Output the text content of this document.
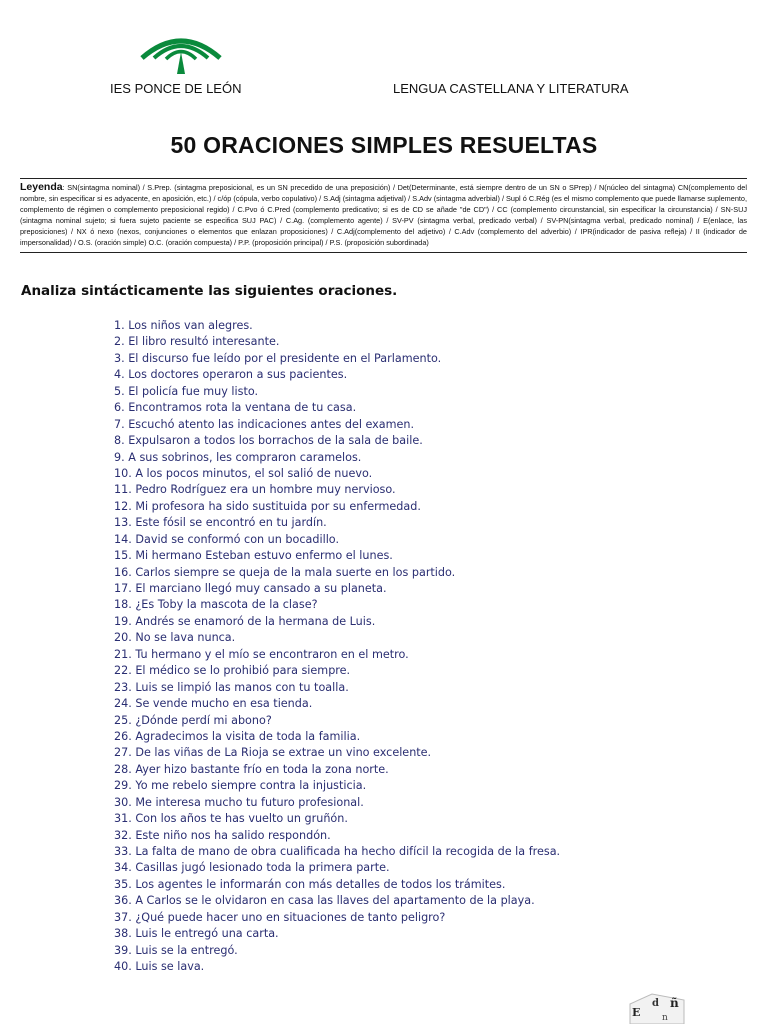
IES PONCE DE LEÓN	LENGUA CASTELLANA Y LITERATURA
50 ORACIONES SIMPLES RESUELTAS
Leyenda: SN(sintagma nominal) / S.Prep. (sintagma preposicional, es un SN precedido de una preposición) / Det(Determinante, está siempre dentro de un SN o SPrep) / N(núcleo del sintagma) CN(complemento del nombre, sin especificar si es adyacente, en aposición, etc.) / c/óp (cópula, verbo copulativo) / S.Adj (sintagma adjetival) / S.Adv (sintagma adverbial) / Supl ó C.Rég (es el mismo complemento que puede llamarse suplemento, complemento de régimen o complemento preposicional regido) / C.Pvo ó C.Pred (complemento predicativo; si es de CD se añade "de CD") / CC (complemento circunstancial, sin especificar la circunstancia) / SN-SUJ (sintagma nominal sujeto; si fuera sujeto paciente se especifica SUJ PAC) / C.Ag. (complemento agente) / SV-PV (sintagma verbal, predicado verbal) / SV-PN(sintagma verbal, predicado nominal) / E(enlace, las preposiciones) / NX ó nexo (nexos, conjunciones o elementos que enlazan proposiciones) / C.Adj(complemento del adjetivo) / C.Adv (complemento del adverbio) / IPR(indicador de pasiva refleja) / II (indicador de impersonalidad) / O.S. (oración simple) O.C. (oración compuesta) / P.P. (proposición principal) / P.S. (proposición subordinada)
Analiza sintácticamente las siguientes oraciones.
1. Los niños van alegres.
2. El libro resultó interesante.
3. El discurso fue leído por el presidente en el Parlamento.
4. Los doctores operaron a sus pacientes.
5. El policía fue muy listo.
6. Encontramos rota la ventana de tu casa.
7. Escuchó atento las indicaciones antes del examen.
8. Expulsaron a todos los borrachos de la sala de baile.
9. A sus sobrinos, les compraron caramelos.
10. A los pocos minutos, el sol salió de nuevo.
11. Pedro Rodríguez era un hombre muy nervioso.
12. Mi profesora ha sido sustituida por su enfermedad.
13. Este fósil se encontró en tu jardín.
14. David se conformó con un bocadillo.
15. Mi hermano Esteban estuvo enfermo el lunes.
16. Carlos siempre se queja de la mala suerte en los partido.
17. El marciano llegó muy cansado a su planeta.
18. ¿Es Toby la mascota de la clase?
19. Andrés se enamoró de la hermana de Luis.
20. No se lava nunca.
21. Tu hermano y el mío se encontraron en el metro.
22. El médico se lo prohibió para siempre.
23. Luis se limpió las manos con tu toalla.
24. Se vende mucho en esa tienda.
25. ¿Dónde perdí mi abono?
26. Agradecimos la visita de toda la familia.
27. De las viñas de La Rioja se extrae un vino excelente.
28. Ayer hizo bastante frío en toda la zona norte.
29. Yo me rebelo siempre contra la injusticia.
30. Me interesa mucho tu futuro profesional.
31. Con los años te has vuelto un gruñón.
32. Este niño nos ha salido respondón.
33. La falta de mano de obra cualificada ha hecho difícil la recogida de la fresa.
34. Casillas jugó lesionado toda la primera parte.
35. Los agentes le informarán con más detalles de todos los trámites.
36. A Carlos se le olvidaron en casa las llaves del apartamento de la playa.
37. ¿Qué puede hacer uno en situaciones de tanto peligro?
38. Luis le entregó una carta.
39. Luis se la entregó.
40. Luis se lava.
E
d ñ
n
